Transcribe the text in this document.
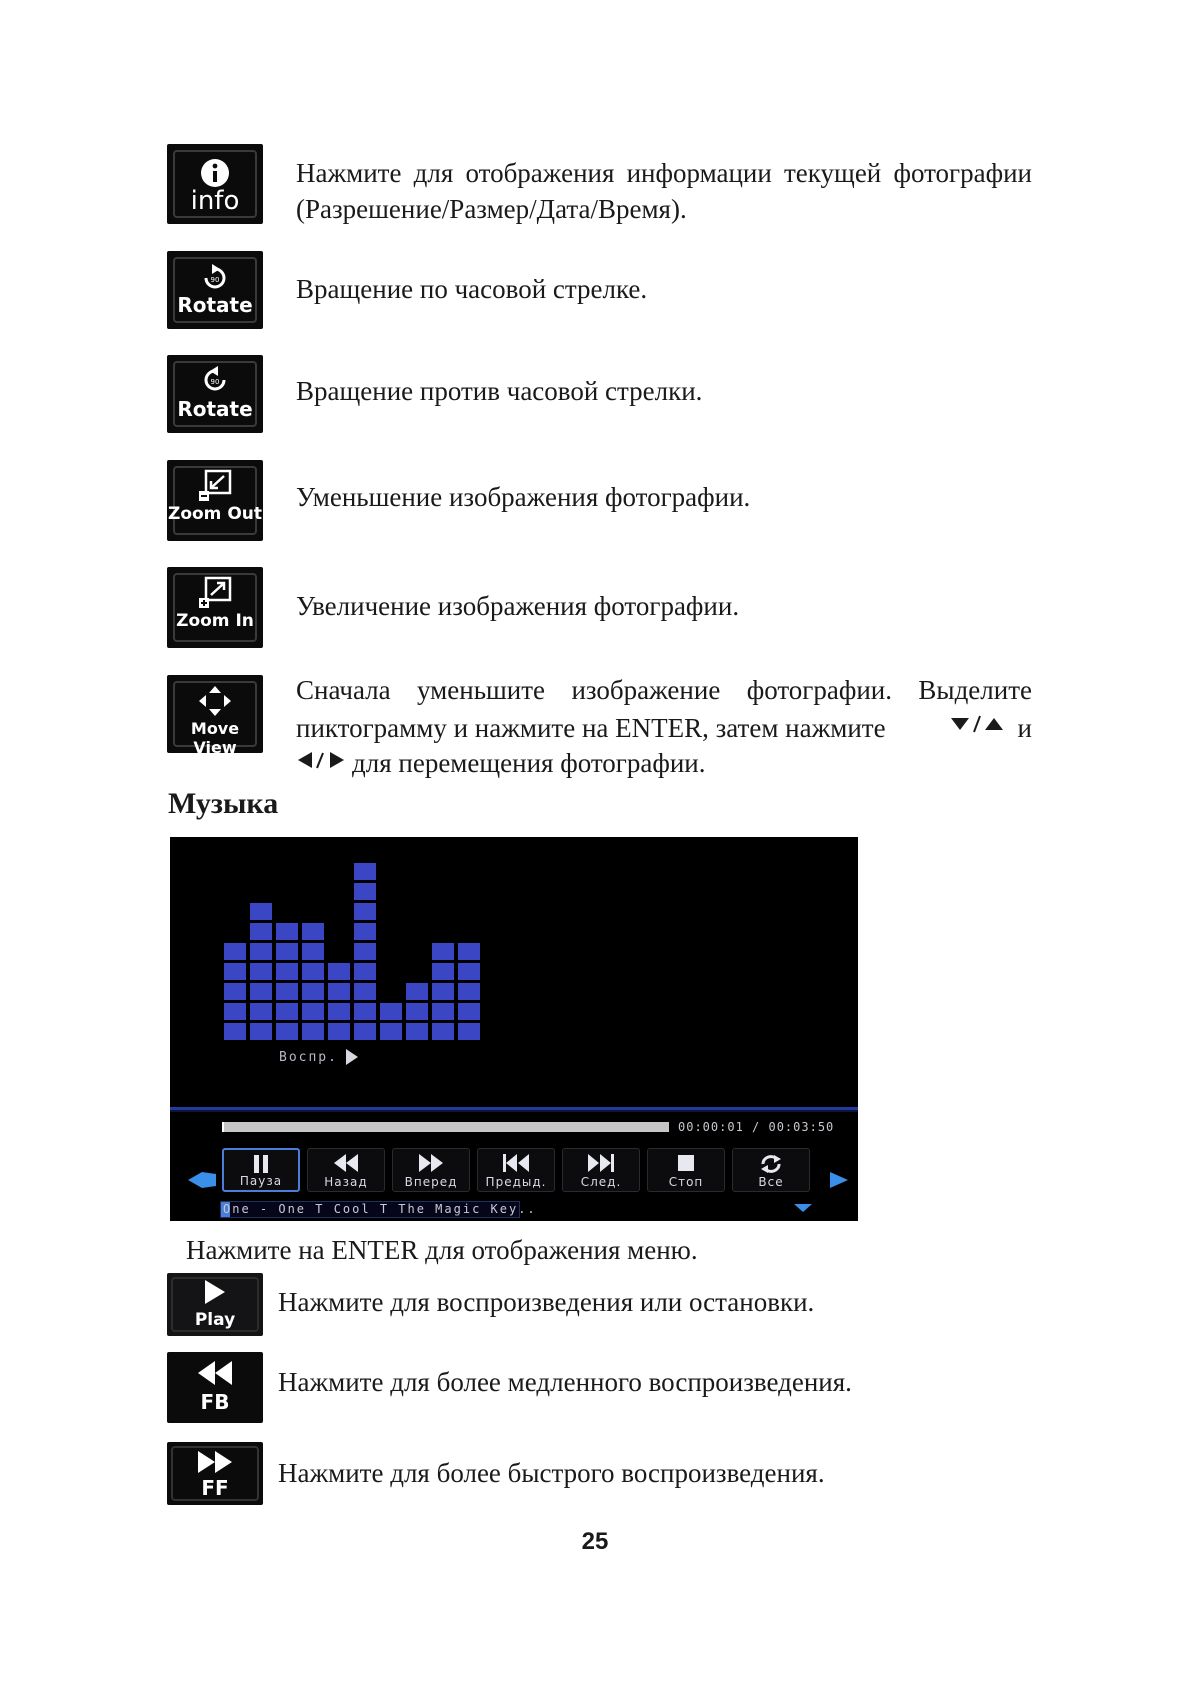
info
Нажмите для отображения информации текущей фотографии (Разрешение/Размер/Дата/Время).
90
Rotate
Вращение по часовой стрелке.
90
Rotate
Вращение против часовой стрелки.
Zoom Out
Уменьшение изображения фотографии.
Zoom In	Увеличение изображения фотографии.
Move View
Сначала уменьшите изображение фотографии. Выделите
пиктограмму и нажмите на ENTER, затем нажмите	и
для перемещения фотографии.
Музыка
Воспр.
00:00:01 / 00:03:50
Пауза	Назад	Вперед	Предыд.	След.	Стоп	Все
One - One T Cool T The Magic Key..
Нажмите на ENTER для отображения меню.
Play
Нажмите для воспроизведения или остановки.
FB
Нажмите для более медленного воспроизведения.
FF	Нажмите для более быстрого воспроизведения.
25
